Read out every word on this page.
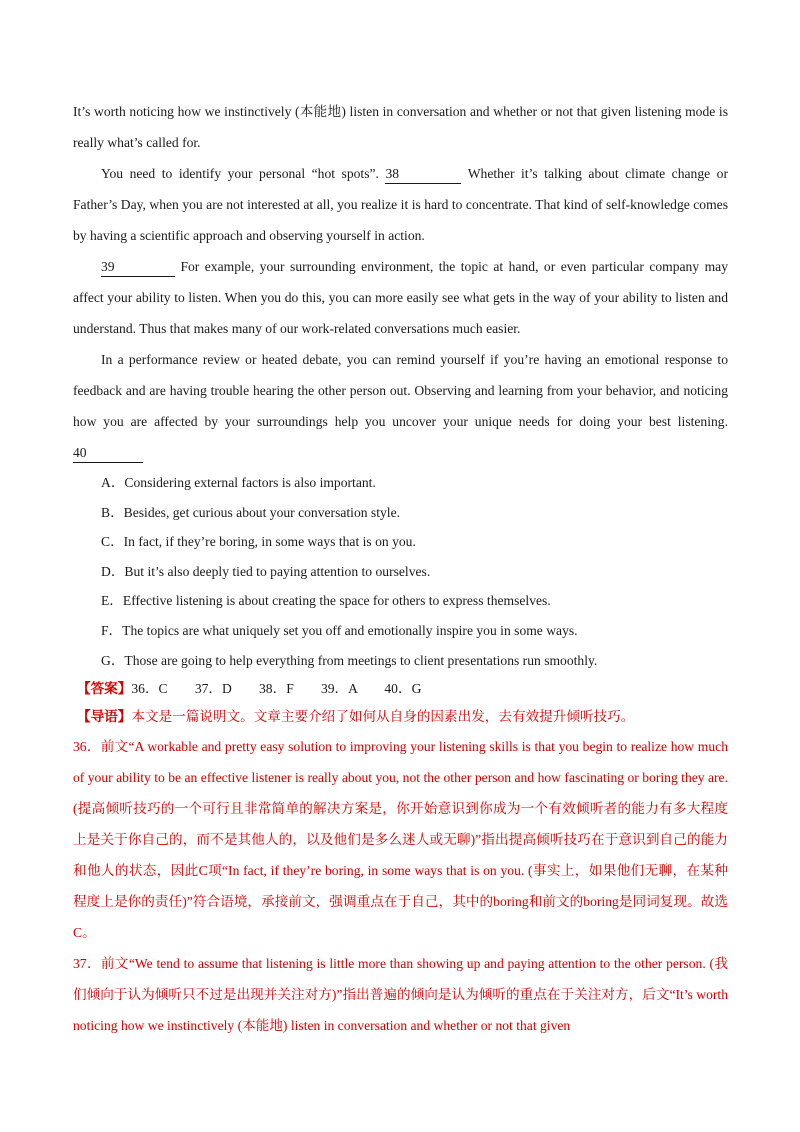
It’s worth noticing how we instinctively (本能地) listen in conversation and whether or not that given listening mode is really what’s called for.

You need to identify your personal “hot spots”. 38	Whether it’s talking about climate change or Father’s Day, when you are not interested at all, you realize it is hard to concentrate. That kind of self-knowledge comes by having a scientific approach and observing yourself in action.

39	For example, your surrounding environment, the topic at hand, or even particular company may affect your ability to listen. When you do this, you can more easily see what gets in the way of your ability to listen and understand. Thus that makes many of our work-related conversations much easier.

In a performance review or heated debate, you can remind yourself if you’re having an emotional response to feedback and are having trouble hearing the other person out. Observing and learning from your behavior, and noticing how you are affected by your surroundings help you uncover your unique needs for doing your best listening. 40

A．Considering external factors is also important.
B．Besides, get curious about your conversation style.
C．In fact, if they’re boring, in some ways that is on you.
D．But it’s also deeply tied to paying attention to ourselves.
E．Effective listening is about creating the space for others to express themselves.
F．The topics are what uniquely set you off and emotionally inspire you in some ways.
G．Those are going to help everything from meetings to client presentations run smoothly.

【答案】36．C　　37．D　　38．F　　39．A　　40．G

【导语】本文是一篇说明文。文章主要介绍了如何从自身的因素出发，去有效提升倾听技巧。

36．前文“A workable and pretty easy solution to improving your listening skills is that you begin to realize how much of your ability to be an effective listener is really about you, not the other person and how fascinating or boring they are. (提高倾听技巧的一个可行且非常简单的解决方案是，你开始意识到你成为一个有效倾听者的能力有多大程度上是关于你自己的，而不是其他人的，以及他们是多么迷人或无聊)”指出提高倾听技巧在于意识到自己的能力和他人的状态，因此C项“In fact, if they’re boring, in some ways that is on you. (事实上，如果他们无聊，在某种程度上是你的责任)”符合语境，承接前文，强调重点在于自己，其中的boring和前文的boring是同词复现。故选C。

37．前文“We tend to assume that listening is little more than showing up and paying attention to the other person. (我们倾向于认为倾听只不过是出现并关注对方)”指出普遍的倾向是认为倾听的重点在于关注对方，后文“It’s worth noticing how we instinctively (本能地) listen in conversation and whether or not that given
